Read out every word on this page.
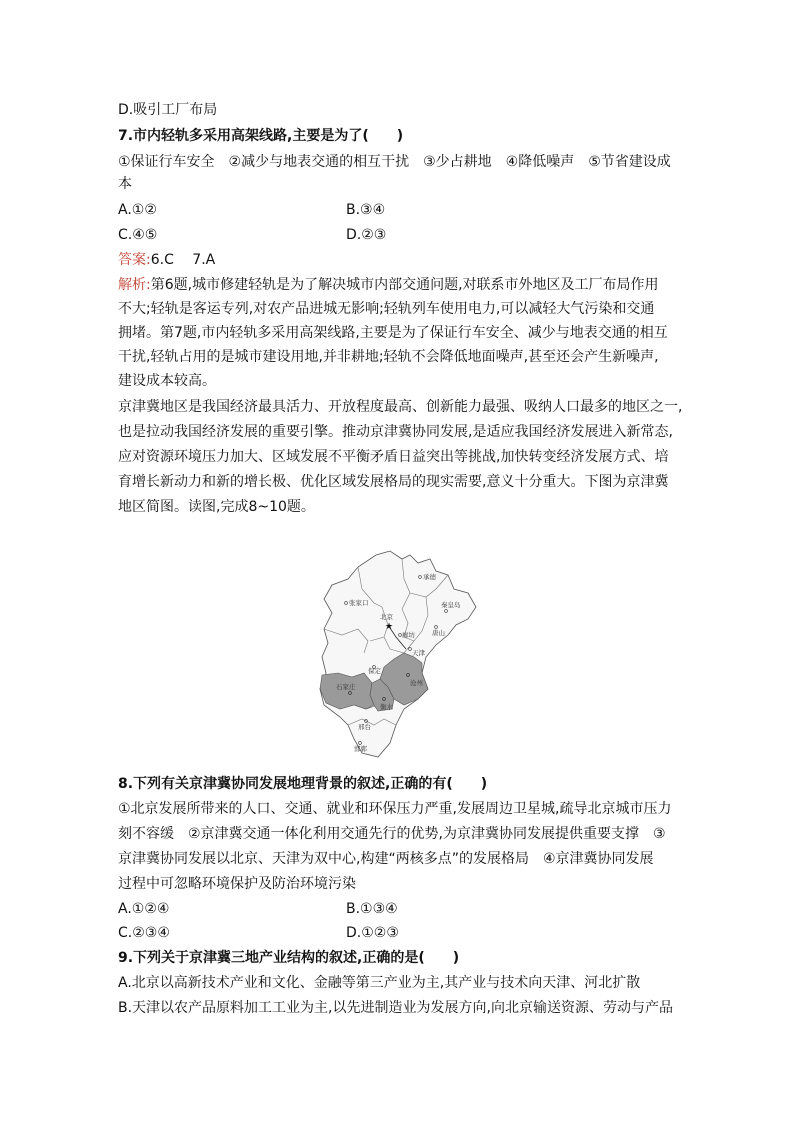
D.吸引工厂布局
7.市内轻轨多采用高架线路,主要是为了(　　)
①保证行车安全　②减少与地表交通的相互干扰　③少占耕地　④降低噪声　⑤节省建设成
本
A.①②	B.③④
C.④⑤	D.②③
答案:6.C　 7.A
解析:第6题,城市修建轻轨是为了解决城市内部交通问题,对联系市外地区及工厂布局作用
不大;轻轨是客运专列,对农产品进城无影响;轻轨列车使用电力,可以减轻大气污染和交通
拥堵。第7题,市内轻轨多采用高架线路,主要是为了保证行车安全、减少与地表交通的相互
干扰,轻轨占用的是城市建设用地,并非耕地;轻轨不会降低地面噪声,甚至还会产生新噪声,
建设成本较高。
京津冀地区是我国经济最具活力、开放程度最高、创新能力最强、吸纳人口最多的地区之一,
也是拉动我国经济发展的重要引擎。推动京津冀协同发展,是适应我国经济发展进入新常态,
应对资源环境压力加大、区域发展不平衡矛盾日益突出等挑战,加快转变经济发展方式、培
育增长新动力和新的增长极、优化区域发展格局的现实需要,意义十分重大。下图为京津冀
地区简图。读图,完成8~10题。
★
承德
张家口	秦皇岛
北京
廊坊	唐山
天津
保定
石家庄	沧州
衡水
邢台
邯郸
8.下列有关京津冀协同发展地理背景的叙述,正确的有(　　)
①北京发展所带来的人口、交通、就业和环保压力严重,发展周边卫星城,疏导北京城市压力
刻不容缓　②京津冀交通一体化利用交通先行的优势,为京津冀协同发展提供重要支撑　③
京津冀协同发展以北京、天津为双中心,构建“两核多点”的发展格局　④京津冀协同发展
过程中可忽略环境保护及防治环境污染
A.①②④	B.①③④
C.②③④	D.①②③
9.下列关于京津冀三地产业结构的叙述,正确的是(　　)
A.北京以高新技术产业和文化、金融等第三产业为主,其产业与技术向天津、河北扩散
B.天津以农产品原料加工工业为主,以先进制造业为发展方向,向北京输送资源、劳动与产品
